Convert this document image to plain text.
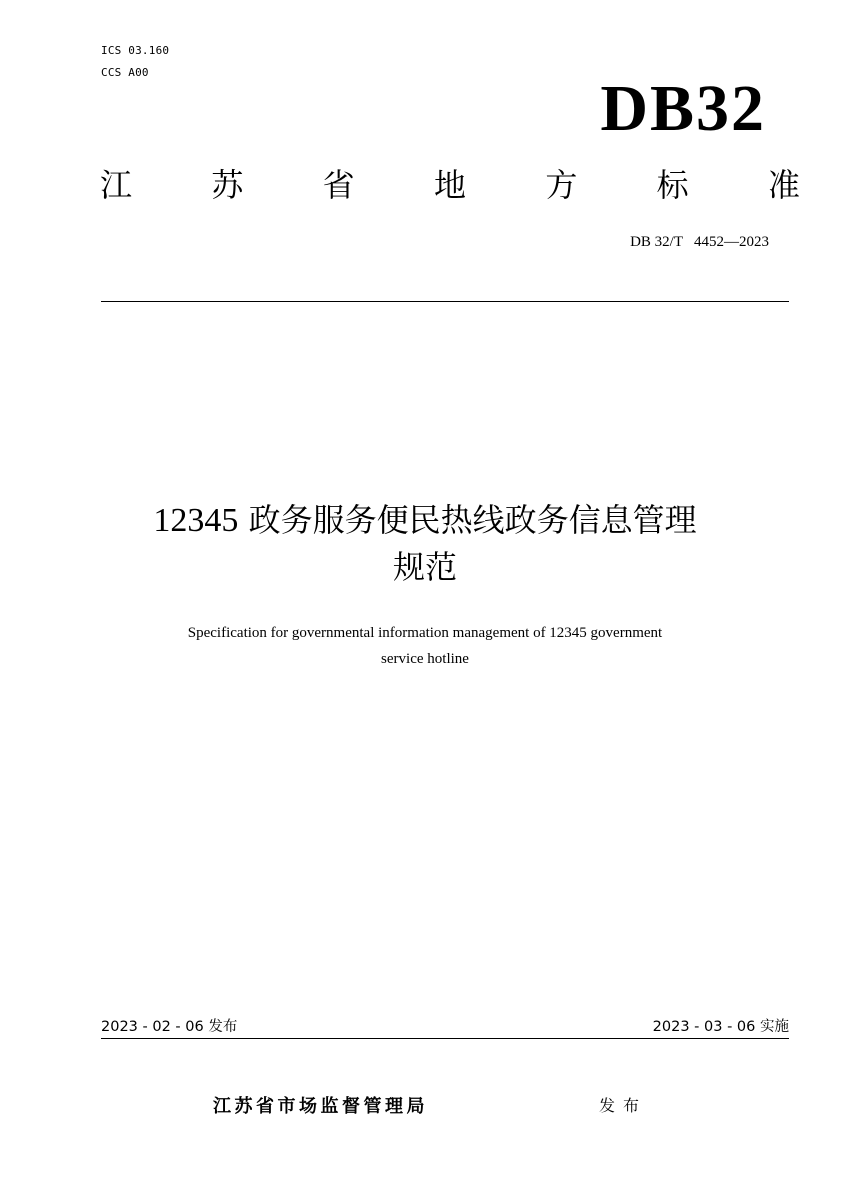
ICS 03.160
CCS A00	DB32
江 苏 省 地 方 标 准
DB 32/T   4452—2023
12345 政务服务便民热线政务信息管理
规范
Specification for governmental information management of 12345 government
service hotline
2023 - 02 - 06 发布	2023 - 03 - 06 实施
江苏省市场监督管理局	发布
